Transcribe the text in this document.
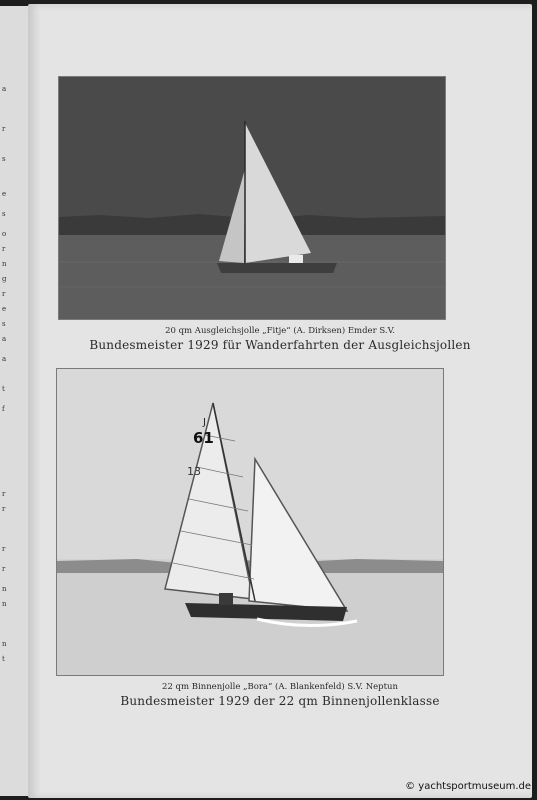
a
r
s
e
s
o
r
n
g
r
e
s
a
a
t
f
r
r
r
r
n
n
n
t
20 qm Ausgleichsjolle „Fitje“ (A. Dirksen) Emder S.V.
Bundesmeister 1929 für Wanderfahrten der Ausgleichsjollen
J
61
13
22 qm Binnenjolle „Bora“ (A. Blankenfeld) S.V. Neptun
Bundesmeister 1929 der 22 qm Binnenjollenklasse
© yachtsportmuseum.de
